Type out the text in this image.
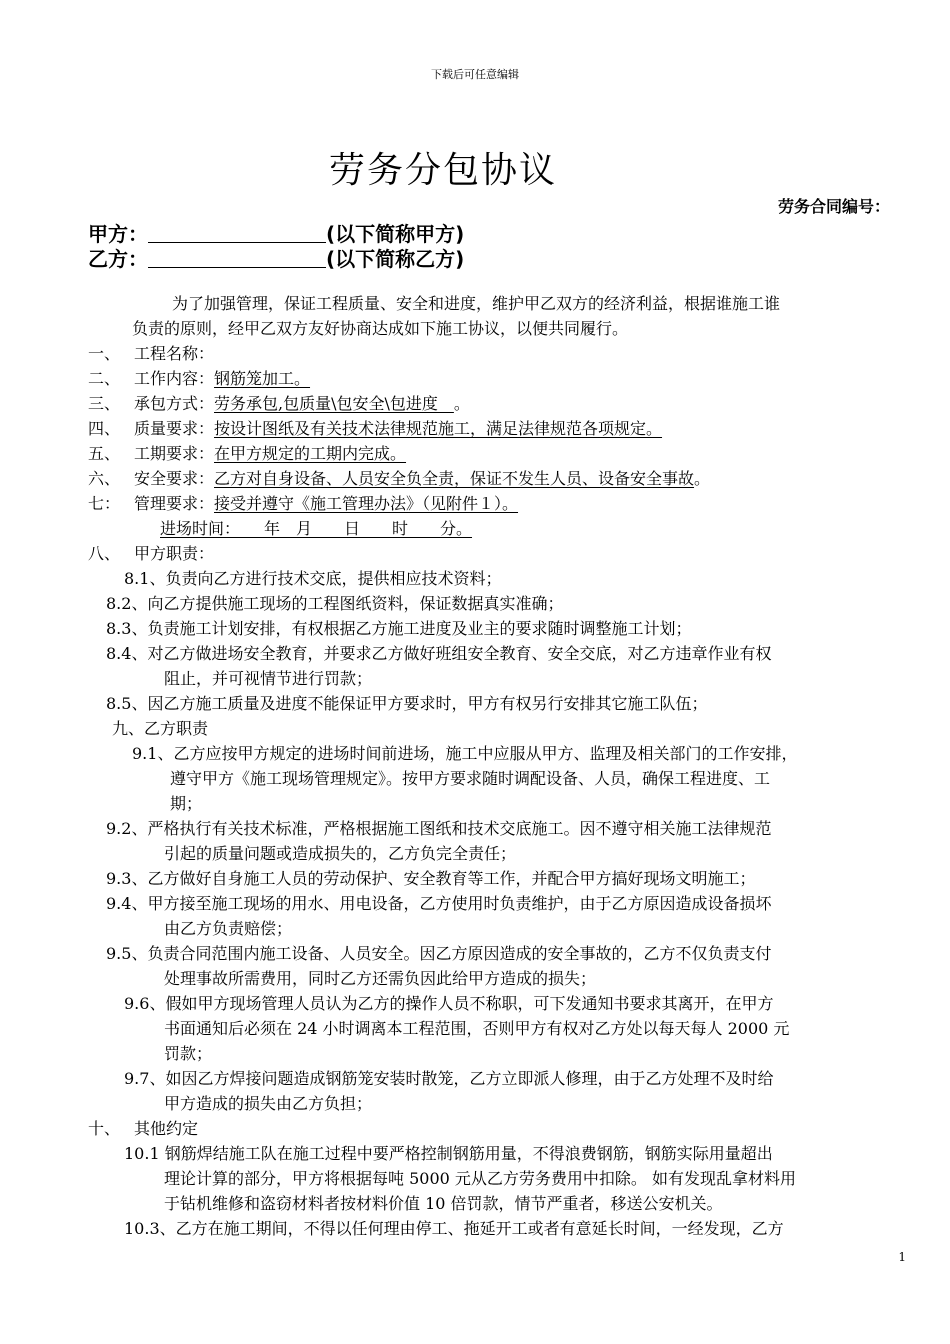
下载后可任意编辑
劳务分包协议
劳务合同编号：
甲方：	(以下简称甲方)
乙方：	(以下简称乙方)
为了加强管理，保证工程质量、安全和进度，维护甲乙双方的经济利益，根据谁施工谁
负责的原则，经甲乙双方友好协商达成如下施工协议，以便共同履行。
一、 工程名称：
二、 工作内容：钢筋笼加工。
三、 承包方式：劳务承包,包质量\包安全\包进度　。
四、 质量要求：按设计图纸及有关技术法律规范施工，满足法律规范各项规定。
五、 工期要求：在甲方规定的工期内完成。
六、 安全要求：乙方对自身设备、人员安全负全责，保证不发生人员、设备安全事故。
七： 管理要求：接受并遵守《施工管理办法》（见附件１）。
进场时间：　　年　月　　日　　时　　分。
八、 甲方职责：
8.1、负责向乙方进行技术交底，提供相应技术资料；
8.2、向乙方提供施工现场的工程图纸资料，保证数据真实准确；
8.3、负责施工计划安排，有权根据乙方施工进度及业主的要求随时调整施工计划；
8.4、对乙方做进场安全教育，并要求乙方做好班组安全教育、安全交底，对乙方违章作业有权
阻止，并可视情节进行罚款；
8.5、因乙方施工质量及进度不能保证甲方要求时，甲方有权另行安排其它施工队伍；
九、乙方职责
9.1、乙方应按甲方规定的进场时间前进场，施工中应服从甲方、监理及相关部门的工作安排，
遵守甲方《施工现场管理规定》。按甲方要求随时调配设备、人员，确保工程进度、工
期；
9.2、严格执行有关技术标准，严格根据施工图纸和技术交底施工。因不遵守相关施工法律规范
引起的质量问题或造成损失的，乙方负完全责任；
9.3、乙方做好自身施工人员的劳动保护、安全教育等工作，并配合甲方搞好现场文明施工；
9.4、甲方接至施工现场的用水、用电设备，乙方使用时负责维护，由于乙方原因造成设备损坏
由乙方负责赔偿；
9.5、负责合同范围内施工设备、人员安全。因乙方原因造成的安全事故的，乙方不仅负责支付
处理事故所需费用，同时乙方还需负因此给甲方造成的损失；
9.6、假如甲方现场管理人员认为乙方的操作人员不称职，可下发通知书要求其离开，在甲方
书面通知后必须在 24 小时调离本工程范围，否则甲方有权对乙方处以每天每人 2000 元
罚款；
9.7、如因乙方焊接问题造成钢筋笼安装时散笼，乙方立即派人修理，由于乙方处理不及时给
甲方造成的损失由乙方负担；
十、 其他约定
10.1 钢筋焊结施工队在施工过程中要严格控制钢筋用量，不得浪费钢筋，钢筋实际用量超出
理论计算的部分，甲方将根据每吨 5000 元从乙方劳务费用中扣除。 如有发现乱拿材料用
于钻机维修和盗窃材料者按材料价值 10 倍罚款，情节严重者，移送公安机关。
10.3、乙方在施工期间，不得以任何理由停工、拖延开工或者有意延长时间，一经发现，乙方
1
